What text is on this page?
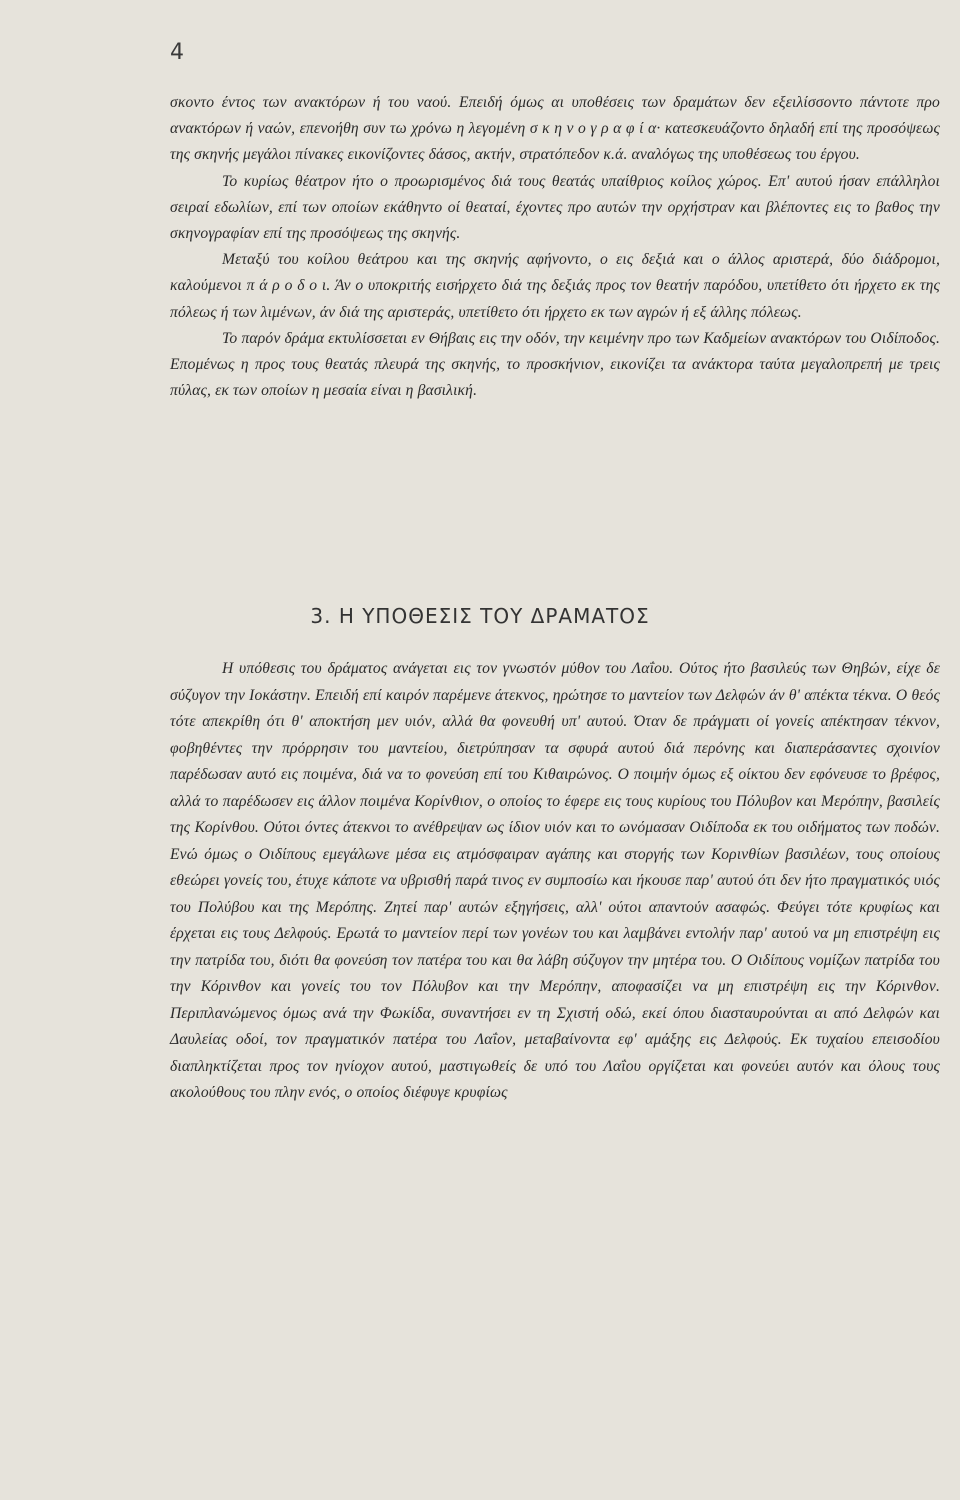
4

σκοντο έντος των ανακτόρων ή του ναού. Επειδή όμως αι υποθέσεις των δραμάτων δεν εξειλίσσοντο πάντοτε προ ανακτόρων ή ναών, επενοήθη συν τω χρόνω η λεγομένη σ κ η ν ο γ ρ α φ ί α· κατεσκευάζοντο δηλαδή επί της προσόψεως της σκηνής μεγάλοι πίνακες εικονίζοντες δάσος, ακτήν, στρατόπεδον κ.ά. αναλόγως της υποθέσεως του έργου.

Το κυρίως θέατρον ήτο ο προωρισμένος διά τους θεατάς υπαίθριος κοίλος χώρος. Επ' αυτού ήσαν επάλληλοι σειραί εδωλίων, επί των οποίων εκάθηντο οί θεαταί, έχοντες προ αυτών την ορχήστραν και βλέποντες εις το βαθος την σκηνογραφίαν επί της προσόψεως της σκηνής.

Μεταξύ του κοίλου θεάτρου και της σκηνής αφήνοντο, ο εις δεξιά και ο άλλος αριστερά, δύο διάδρομοι, καλούμενοι π ά ρ ο δ ο ι. Άν ο υποκριτής εισήρχετο διά της δεξιάς προς τον θεατήν παρόδου, υπετίθετο ότι ήρχετο εκ της πόλεως ή των λιμένων, άν διά της αριστεράς, υπετίθετο ότι ήρχετο εκ των αγρών ή εξ άλλης πόλεως.

Το παρόν δράμα εκτυλίσσεται εν Θήβαις εις την οδόν, την κειμένην προ των Καδμείων ανακτόρων του Οιδίποδος. Επομένως η προς τους θεατάς πλευρά της σκηνής, το προσκήνιον, εικονίζει τα ανάκτορα ταύτα μεγαλοπρεπή με τρεις πύλας, εκ των οποίων η μεσαία είναι η βασιλική.

3. Η ΥΠΟΘΕΣΙΣ ΤΟΥ ΔΡΑΜΑΤΟΣ

Η υπόθεσις του δράματος ανάγεται εις τον γνωστόν μύθον του Λαΐου. Ούτος ήτο βασιλεύς των Θηβών, είχε δε σύζυγον την Ιοκάστην. Επειδή επί καιρόν παρέμενε άτεκνος, ηρώτησε το μαντείον των Δελφών άν θ' απέκτα τέκνα. Ο θεός τότε απεκρίθη ότι θ' αποκτήση μεν υιόν, αλλά θα φονευθή υπ' αυτού. Όταν δε πράγματι οί γονείς απέκτησαν τέκνον, φοβηθέντες την πρόρρησιν του μαντείου, διετρύπησαν τα σφυρά αυτού διά περόνης και διαπεράσαντες σχοινίον παρέδωσαν αυτό εις ποιμένα, διά να το φονεύση επί του Κιθαιρώνος. Ο ποιμήν όμως εξ οίκτου δεν εφόνευσε το βρέφος, αλλά το παρέδωσεν εις άλλον ποιμένα Κορίνθιον, ο οποίος το έφερε εις τους κυρίους του Πόλυβον και Μερόπην, βασιλείς της Κορίνθου. Ούτοι όντες άτεκνοι το ανέθρεψαν ως ίδιον υιόν και το ωνόμασαν Οιδίποδα εκ του οιδήματος των ποδών. Ενώ όμως ο Οιδίπους εμεγάλωνε μέσα εις ατμόσφαιραν αγάπης και στοργής των Κορινθίων βασιλέων, τους οποίους εθεώρει γονείς του, έτυχε κάποτε να υβρισθή παρά τινος εν συμποσίω και ήκουσε παρ' αυτού ότι δεν ήτο πραγματικός υιός του Πολύβου και της Μερόπης. Ζητεί παρ' αυτών εξηγήσεις, αλλ' ούτοι απαντούν ασαφώς. Φεύγει τότε κρυφίως και έρχεται εις τους Δελφούς. Ερωτά το μαντείον περί των γονέων του και λαμβάνει εντολήν παρ' αυτού να μη επιστρέψη εις την πατρίδα του, διότι θα φονεύση τον πατέρα του και θα λάβη σύζυγον την μητέρα του. Ο Οιδίπους νομίζων πατρίδα του την Κόρινθον και γονείς του τον Πόλυβον και την Μερόπην, αποφασίζει να μη επιστρέψη εις την Κόρινθον. Περιπλανώμενος όμως ανά την Φωκίδα, συναντήσει εν τη Σχιστή οδώ, εκεί όπου διασταυρούνται αι από Δελφών και Δαυλείας οδοί, τον πραγματικόν πατέρα του Λαΐον, μεταβαίνοντα εφ' αμάξης εις Δελφούς. Εκ τυχαίου επεισοδίου διαπληκτίζεται προς τον ηνίοχον αυτού, μαστιγωθείς δε υπό του Λαΐου οργίζεται και φονεύει αυτόν και όλους τους ακολούθους του πλην ενός, ο οποίος διέφυγε κρυφίως
